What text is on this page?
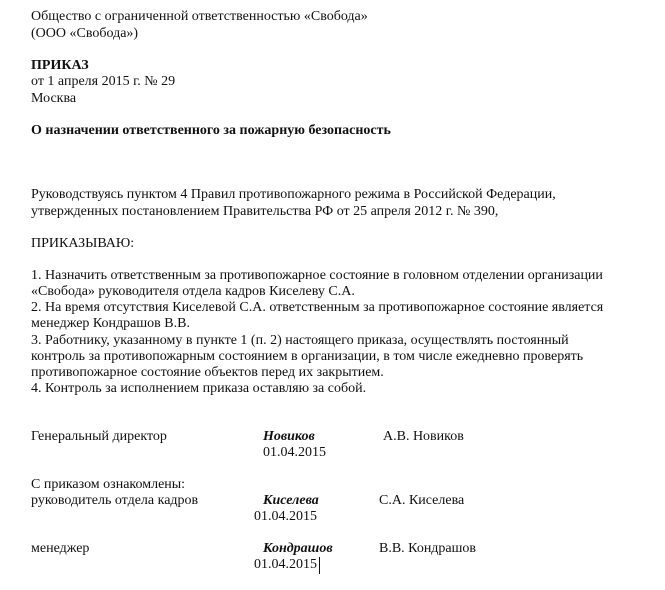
Общество с ограниченной ответственностью «Свобода»
(ООО «Свобода»)
ПРИКАЗ
от 1 апреля 2015 г. № 29
Москва
О назначении ответственного за пожарную безопасность
Руководствуясь пунктом 4 Правил противопожарного режима в Российской Федерации,
утвержденных постановлением Правительства РФ от 25 апреля 2012 г. № 390,
ПРИКАЗЫВАЮ:
1. Назначить ответственным за противопожарное состояние в головном отделении организации
«Свобода» руководителя отдела кадров Киселеву С.А.
2. На время отсутствия Киселевой С.А. ответственным за противопожарное состояние является
менеджер Кондрашов В.В.
3. Работнику, указанному в пункте 1 (п. 2) настоящего приказа, осуществлять постоянный
контроль за противопожарным состоянием в организации, в том числе ежедневно проверять
противопожарное состояние объектов перед их закрытием.
4. Контроль за исполнением приказа оставляю за собой.
Генеральный директор	Новиков	А.В. Новиков
01.04.2015
С приказом ознакомлены:
руководитель отдела кадров	Киселева	С.А. Киселева
01.04.2015
менеджер	Кондрашов	В.В. Кондрашов
01.04.2015
